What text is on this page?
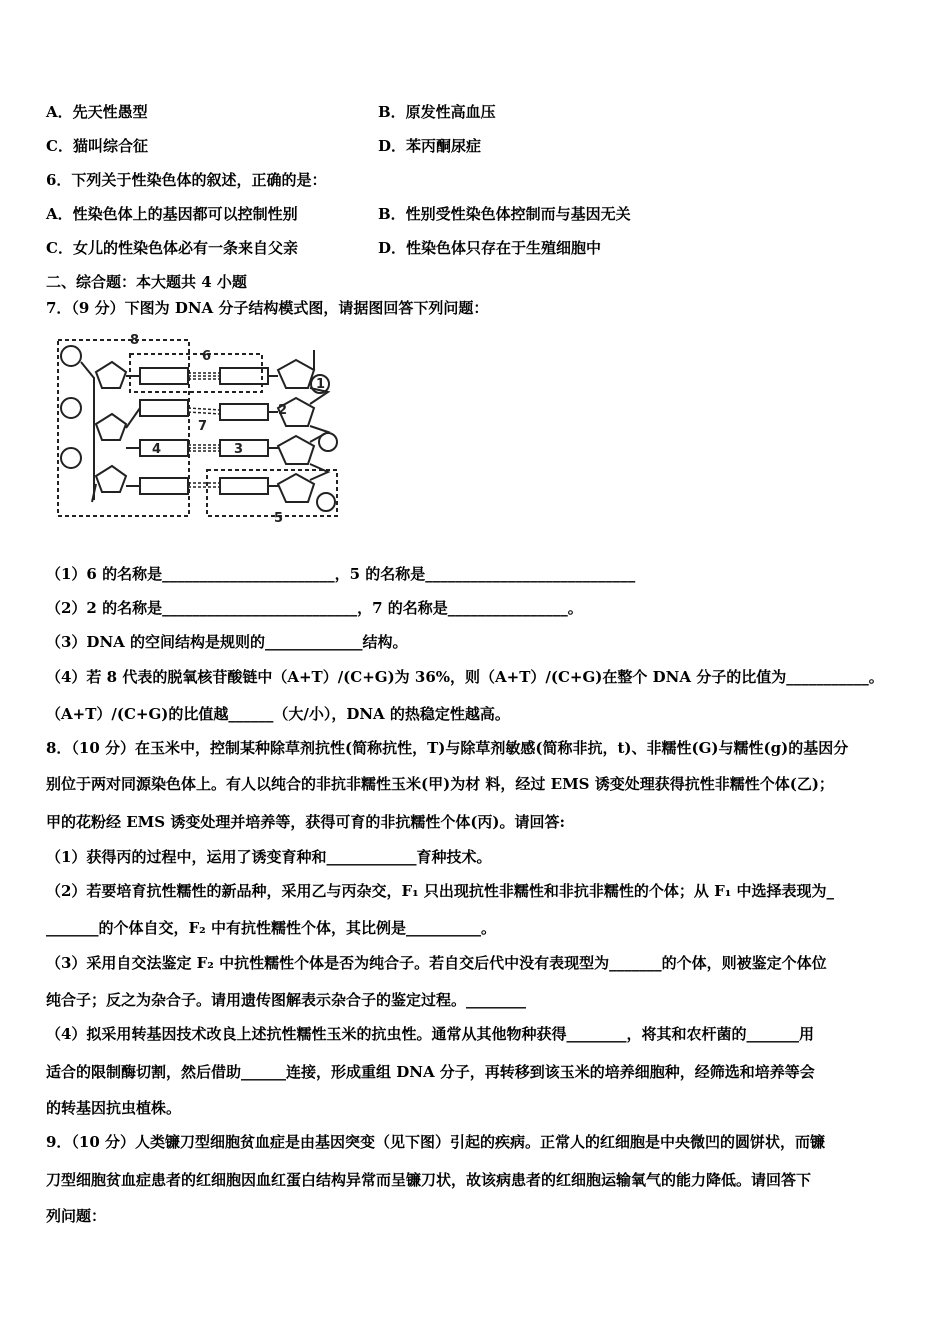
A．先天性愚型	B．原发性高血压
C．猫叫综合征	D．苯丙酮尿症
6．下列关于性染色体的叙述，正确的是：
A．性染色体上的基因都可以控制性别	B．性别受性染色体控制而与基因无关
C．女儿的性染色体必有一条来自父亲	D．性染色体只存在于生殖细胞中
二、综合题：本大题共 4 小题
7．（9 分）下图为 DNA 分子结构模式图，请据图回答下列问题：
8
6
1
2
7
4	3
5
（1）6 的名称是_______________________，5 的名称是____________________________
（2）2 的名称是__________________________，7 的名称是________________。
（3）DNA 的空间结构是规则的_____________结构。
（4）若 8 代表的脱氧核苷酸链中（A+T）/(C+G)为 36%，则（A+T）/(C+G)在整个 DNA 分子的比值为___________。
（A+T）/(C+G)的比值越______（大/小），DNA 的热稳定性越高。
8．（10 分）在玉米中，控制某种除草剂抗性(简称抗性，T)与除草剂敏感(简称非抗，t)、非糯性(G)与糯性(g)的基因分
别位于两对同源染色体上。有人以纯合的非抗非糯性玉米(甲)为材 料，经过 EMS 诱变处理获得抗性非糯性个体(乙)；
甲的花粉经 EMS 诱变处理并培养等，获得可育的非抗糯性个体(丙)。请回答:
（1）获得丙的过程中，运用了诱变育种和____________育种技术。
（2）若要培育抗性糯性的新品种，采用乙与丙杂交，F₁ 只出现抗性非糯性和非抗非糯性的个体；从 F₁ 中选择表现为_
_______的个体自交，F₂ 中有抗性糯性个体，其比例是__________。
（3）采用自交法鉴定 F₂ 中抗性糯性个体是否为纯合子。若自交后代中没有表现型为_______的个体，则被鉴定个体位
纯合子；反之为杂合子。请用遗传图解表示杂合子的鉴定过程。________
（4）拟采用转基因技术改良上述抗性糯性玉米的抗虫性。通常从其他物种获得________，将其和农杆菌的_______用
适合的限制酶切割，然后借助______连接，形成重组 DNA 分子，再转移到该玉米的培养细胞种，经筛选和培养等会
的转基因抗虫植株。
9．（10 分）人类镰刀型细胞贫血症是由基因突变（见下图）引起的疾病。正常人的红细胞是中央微凹的圆饼状，而镰
刀型细胞贫血症患者的红细胞因血红蛋白结构异常而呈镰刀状，故该病患者的红细胞运输氧气的能力降低。请回答下
列问题：
